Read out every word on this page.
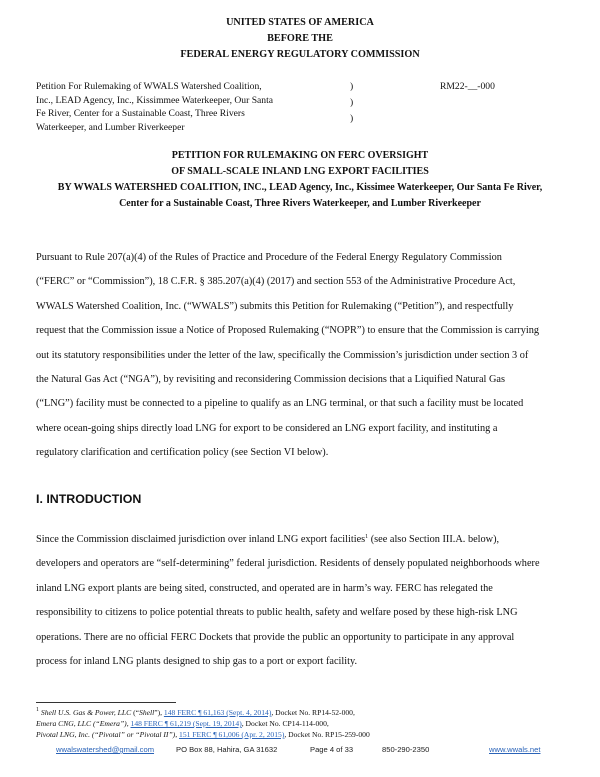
UNITED STATES OF AMERICA
BEFORE THE
FEDERAL ENERGY REGULATORY COMMISSION
Petition For Rulemaking of WWALS Watershed Coalition,
Inc., LEAD Agency, Inc., Kissimmee Waterkeeper, Our Santa
Fe River, Center for a Sustainable Coast, Three Rivers
Waterkeeper, and Lumber Riverkeeper
)
)
)
RM22-__-000
PETITION FOR RULEMAKING ON FERC OVERSIGHT
OF SMALL-SCALE INLAND LNG EXPORT FACILITIES
BY WWALS WATERSHED COALITION, INC., LEAD Agency, Inc., Kissimee Waterkeeper, Our Santa Fe River,
Center for a Sustainable Coast, Three Rivers Waterkeeper, and Lumber Riverkeeper
Pursuant to Rule 207(a)(4) of the Rules of Practice and Procedure of the Federal Energy Regulatory Commission
(“FERC” or “Commission”), 18 C.F.R. § 385.207(a)(4) (2017) and section 553 of the Administrative Procedure Act,
WWALS Watershed Coalition, Inc. (“WWALS”) submits this Petition for Rulemaking (“Petition”), and respectfully
request that the Commission issue a Notice of Proposed Rulemaking (“NOPR”) to ensure that the Commission is carrying
out its statutory responsibilities under the letter of the law, specifically the Commission’s jurisdiction under section 3 of
the Natural Gas Act (“NGA”), by revisiting and reconsidering Commission decisions that a Liquified Natural Gas
(“LNG”) facility must be connected to a pipeline to qualify as an LNG terminal, or that such a facility must be located
where ocean-going ships directly load LNG for export to be considered an LNG export facility, and instituting a
regulatory clarification and certification policy (see Section VI below).
I. INTRODUCTION
Since the Commission disclaimed jurisdiction over inland LNG export facilities$^1$ (see also Section III.A. below),
developers and operators are “self-determining” federal jurisdiction. Residents of densely populated neighborhoods where
inland LNG export plants are being sited, constructed, and operated are in harm’s way. FERC has relegated the
responsibility to citizens to police potential threats to public health, safety and welfare posed by these high-risk LNG
operations. There are no official FERC Dockets that provide the public an opportunity to participate in any approval
process for inland LNG plants designed to ship gas to a port or export facility.
$^1$ Shell U.S. Gas & Power, LLC (“Shell”), 148 FERC ¶ 61,163 (Sept. 4, 2014), Docket No. RP14-52-000,
Emera CNG, LLC (“Emera”), 148 FERC ¶ 61,219 (Sept. 19, 2014), Docket No. CP14-114-000,
Pivotal LNG, Inc. (“Pivotal” or “Pivotal II”), 151 FERC ¶ 61,006 (Apr. 2, 2015), Docket No. RP15-259-000
wwalswatershed@gmail.com	PO Box 88, Hahira, GA 31632	Page 4 of 33	850-290-2350	www.wwals.net
